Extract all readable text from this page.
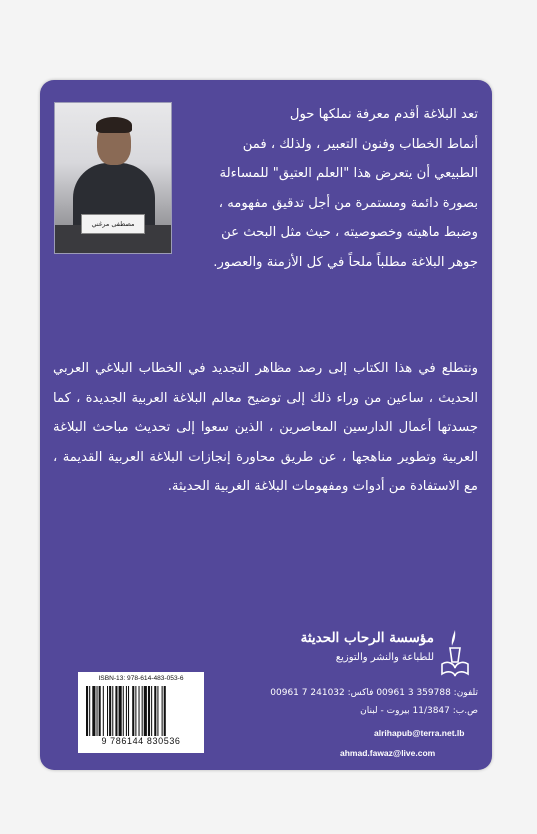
تعد البلاغة أقدم معرفة نملكها حول
أنماط الخطاب وفنون التعبير ، ولذلك ، فمن
الطبيعي أن يتعرض هذا "العلم العتيق" للمساءلة
بصورة دائمة ومستمرة من أجل تدقيق مفهومه ،
وضبط ماهيته وخصوصيته ، حيث مثل البحث عن
جوهر البلاغة مطلباً ملحاً في كل الأزمنة والعصور.

ونتطلع في هذا الكتاب إلى رصد مظاهر التجديد في الخطاب البلاغي العربي الحديث ، ساعين من وراء ذلك إلى توضيح معالم البلاغة العربية الجديدة ، كما جسدتها أعمال الدارسين المعاصرين ، الذين سعوا إلى تحديث مباحث البلاغة العربية وتطوير مناهجها ، عن طريق محاورة إنجازات البلاغة العربية القديمة ، مع الاستفادة من أدوات ومفهومات البلاغة الغربية الحديثة.

مصطفى مرغني
مؤسسة الرحاب الحديثة
للطباعة والنشر والتوزيع
ISBN-13: 978-614-483-053-6
9 786144 830536
تلفون: 359788 3 00961 فاكس: 241032 7 00961
ص.ب: 11/3847 بيروت - لبنان
alrihapub@terra.net.lb
ahmad.fawaz@live.com
